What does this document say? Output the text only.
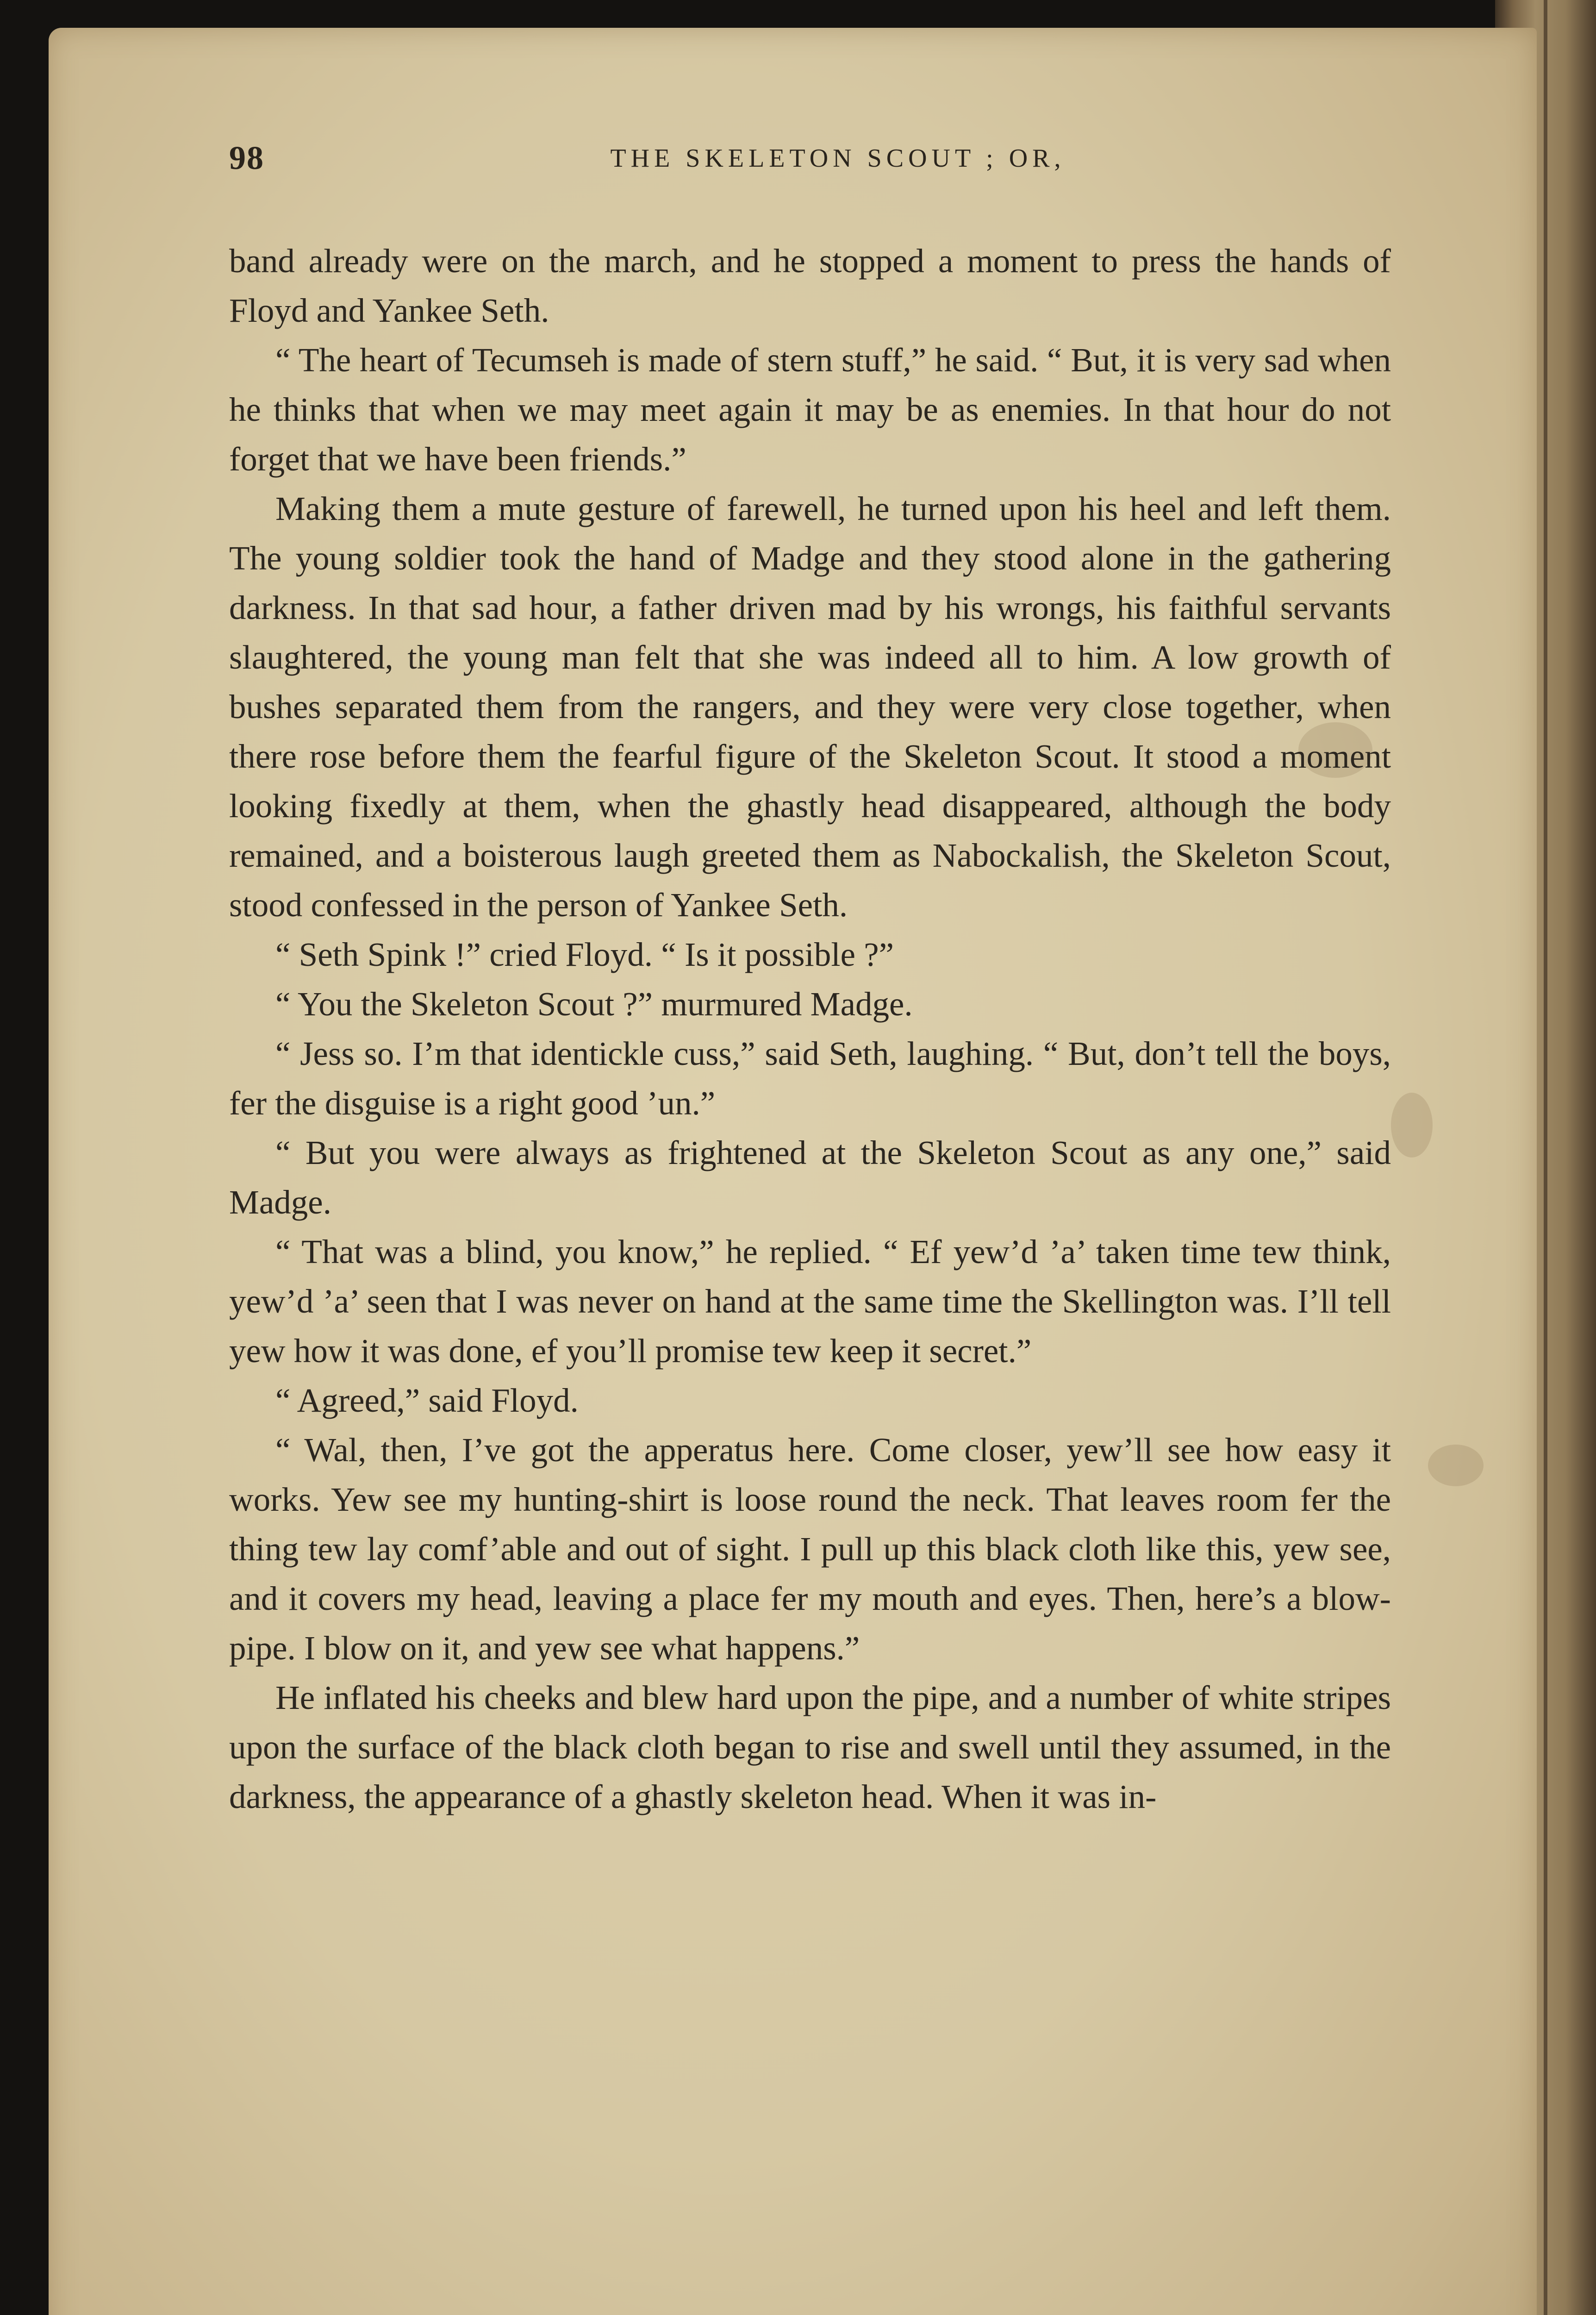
98	THE SKELETON SCOUT ; OR,

band already were on the march, and he stopped a moment to press the hands of Floyd and Yankee Seth.

“ The heart of Tecumseh is made of stern stuff,” he said. “ But, it is very sad when he thinks that when we may meet again it may be as enemies. In that hour do not forget that we have been friends.”

Making them a mute gesture of farewell, he turned upon his heel and left them. The young soldier took the hand of Madge and they stood alone in the gathering darkness. In that sad hour, a father driven mad by his wrongs, his faithful servants slaughtered, the young man felt that she was indeed all to him. A low growth of bushes separated them from the rangers, and they were very close together, when there rose before them the fearful figure of the Skeleton Scout. It stood a moment looking fixedly at them, when the ghastly head disappeared, although the body remained, and a boisterous laugh greeted them as Nabockalish, the Skeleton Scout, stood confessed in the person of Yankee Seth.

“ Seth Spink !” cried Floyd. “ Is it possible ?”

“ You the Skeleton Scout ?” murmured Madge.

“ Jess so. I’m that identickle cuss,” said Seth, laughing. “ But, don’t tell the boys, fer the disguise is a right good ’un.”

“ But you were always as frightened at the Skeleton Scout as any one,” said Madge.

“ That was a blind, you know,” he replied. “ Ef yew’d ’a’ taken time tew think, yew’d ’a’ seen that I was never on hand at the same time the Skellington was. I’ll tell yew how it was done, ef you’ll promise tew keep it secret.”

“ Agreed,” said Floyd.

“ Wal, then, I’ve got the apperatus here. Come closer, yew’ll see how easy it works. Yew see my hunting-shirt is loose round the neck. That leaves room fer the thing tew lay comf’able and out of sight. I pull up this black cloth like this, yew see, and it covers my head, leaving a place fer my mouth and eyes. Then, here’s a blow-pipe. I blow on it, and yew see what happens.”

He inflated his cheeks and blew hard upon the pipe, and a number of white stripes upon the surface of the black cloth began to rise and swell until they assumed, in the darkness, the appearance of a ghastly skeleton head. When it was in-
